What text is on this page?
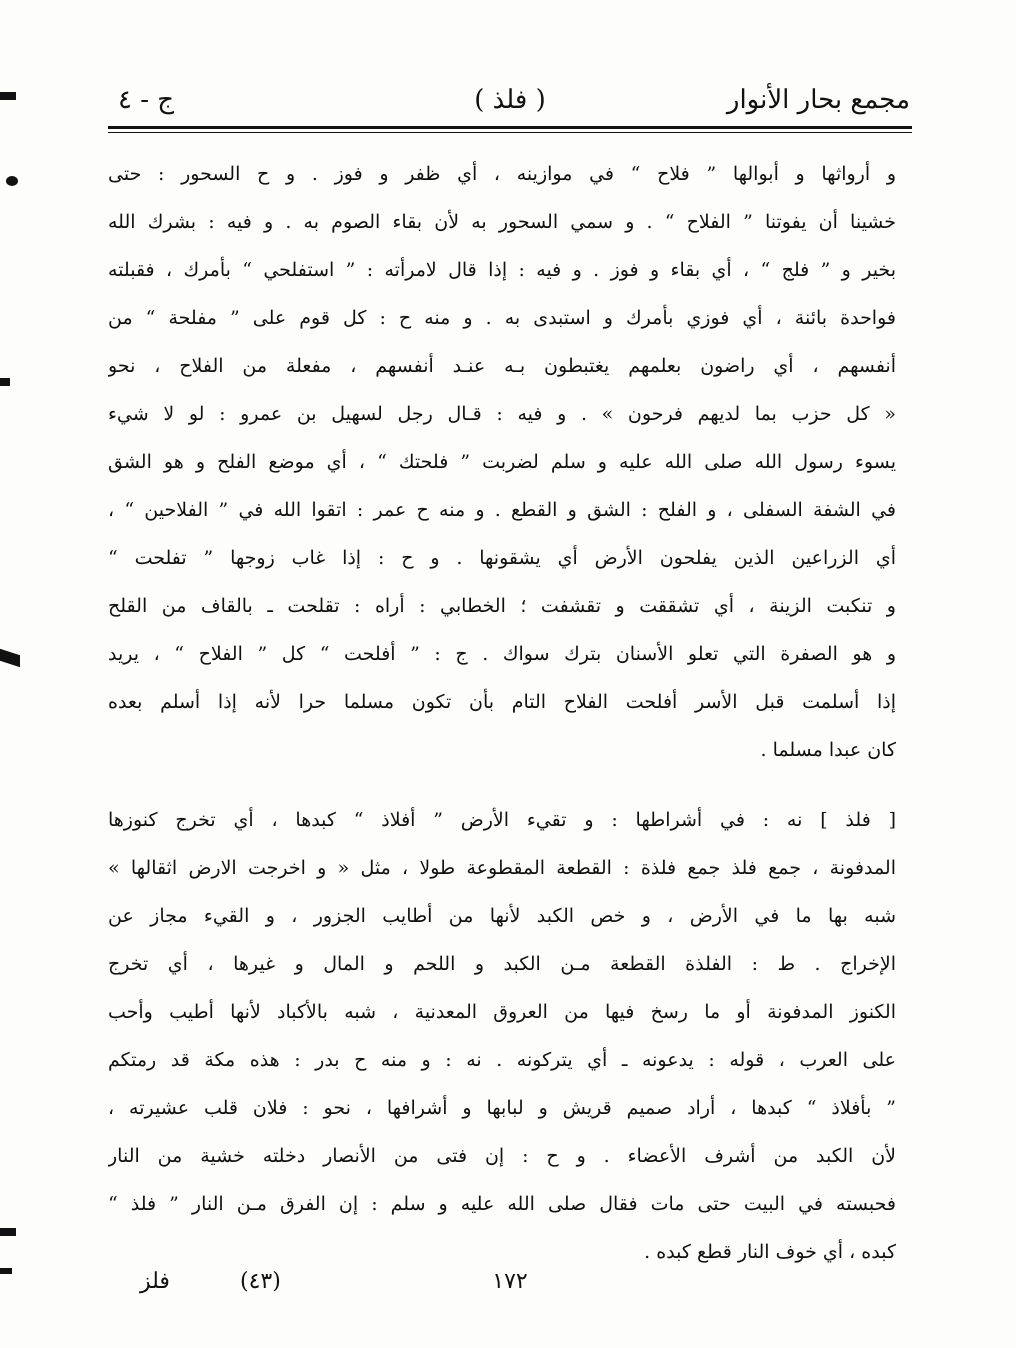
مجمع بحار الأنوار
( فلذ )
ج - ٤
و أرواثها و أبوالها ” فلاح “ في موازينه ، أي ظفر و فوز . و ح السحور : حتى
خشينا أن يفوتنا ” الفلاح “ . و سمي السحور به لأن بقاء الصوم به . و فيه : بشرك الله
بخير و ” فلج “ ، أي بقاء و فوز . و فيه : إذا قال لامرأته : ” استفلحي “ بأمرك ، فقبلته
فواحدة بائنة ، أي فوزي بأمرك و استبدى به . و منه ح : كل قوم على ” مفلحة “ من
أنفسهم ، أي راضون بعلمهم يغتبطون بـه عنـد أنفسهم ، مفعلة من الفلاح ، نحو
« كل حزب بما لديهم فرحون » . و فيه : قـال رجل لسهيل بن عمرو : لو لا شيء
يسوء رسول الله صلى الله عليه و سلم لضربت ” فلحتك “ ، أي موضع الفلح و هو الشق
في الشفة السفلى ، و الفلح : الشق و القطع . و منه ح عمر : اتقوا الله في ” الفلاحين “ ،
أي الزراعين الذين يفلحون الأرض أي يشقونها . و ح : إذا غاب زوجها ” تفلحت “
و تنكبت الزينة ، أي تشققت و تقشفت ؛ الخطابي : أراه : تقلحت ـ بالقاف من القلح
و هو الصفرة التي تعلو الأسنان بترك سواك . ج : ” أفلحت “ كل ” الفلاح “ ، يريد
إذا أسلمت قبل الأسر أفلحت الفلاح التام بأن تكون مسلما حرا لأنه إذا أسلم بعده
كان عبدا مسلما .
[ فلذ ] نه : في أشراطها : و تقيء الأرض ” أفلاذ “ كبدها ، أي تخرج كنوزها
المدفونة ، جمع فلذ جمع فلذة : القطعة المقطوعة طولا ، مثل « و اخرجت الارض اثقالها »
شبه بها ما في الأرض ، و خص الكبد لأنها من أطايب الجزور ، و القيء مجاز عن
الإخراج . ط : الفلذة القطعة مـن الكبد و اللحم و المال و غيرها ، أي تخرج
الكنوز المدفونة أو ما رسخ فيها من العروق المعدنية ، شبه بالأكباد لأنها أطيب وأحب
على العرب ، قوله : يدعونه ـ أي يتركونه . نه : و منه ح بدر : هذه مكة قد رمتكم
” بأفلاذ “ كبدها ، أراد صميم قريش و لبابها و أشرافها ، نحو : فلان قلب عشيرته ،
لأن الكبد من أشرف الأعضاء . و ح : إن فتى من الأنصار دخلته خشية من النار
فحبسته في البيت حتى مات فقال صلى الله عليه و سلم : إن الفرق مـن النار ” فلذ “
كبده ، أي خوف النار قطع كبده .
فلز	(٤٣)	١٧٢
